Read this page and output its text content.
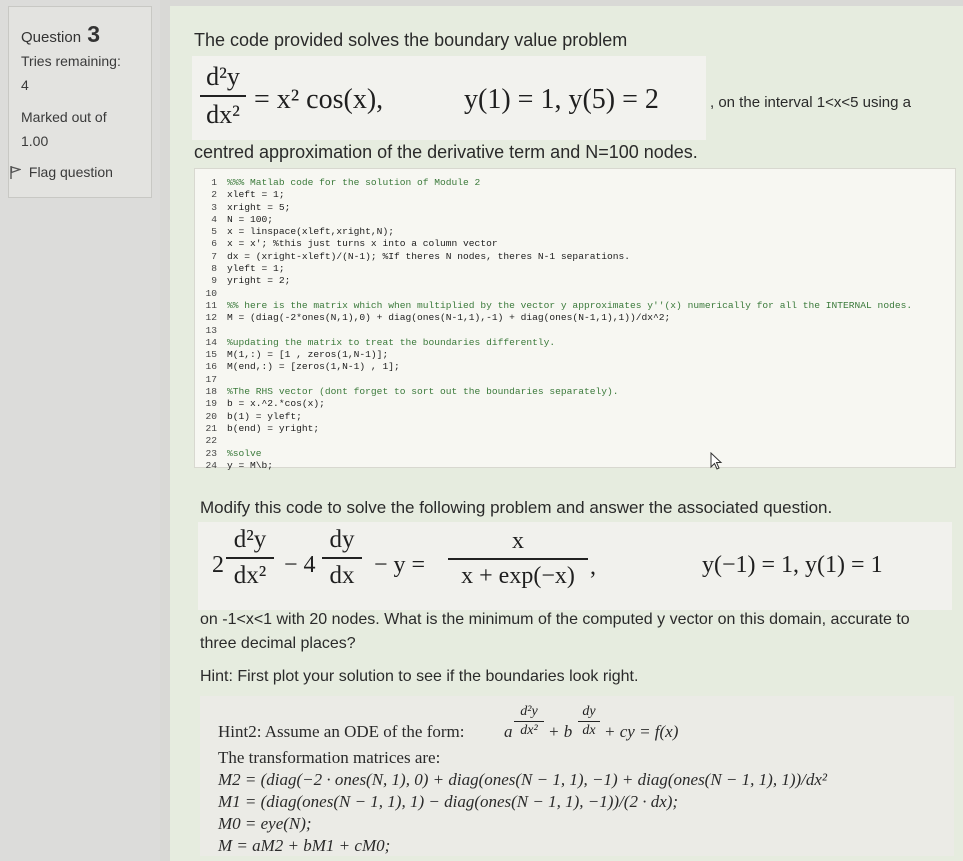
Question 3
Tries remaining:
4
Marked out of
1.00
Flag question
The code provided solves the boundary value problem
d²y
dx² = x² cos(x),	y(1) = 1, y(5) = 2	, on the interval 1<x<5 using a
centred approximation of the derivative term and N=100 nodes.
1 %%% Matlab code for the solution of Module 2
2 xleft = 1;
3 xright = 5;
4 N = 100;
5 x = linspace(xleft,xright,N);
6 x = x'; %this just turns x into a column vector
7 dx = (xright-xleft)/(N-1); %If theres N nodes, theres N-1 separations.
8 yleft = 1;
9 yright = 2;
10
11 %% here is the matrix which when multiplied by the vector y approximates y''(x) numerically for all the INTERNAL nodes.
12 M = (diag(-2*ones(N,1),0) + diag(ones(N-1,1),-1) + diag(ones(N-1,1),1))/dx^2;
13
14 %updating the matrix to treat the boundaries differently.
15 M(1,:) = [1 , zeros(1,N-1)];
16 M(end,:) = [zeros(1,N-1) , 1];
17
18 %The RHS vector (dont forget to sort out the boundaries separately).
19 b = x.^2.*cos(x);
20 b(1) = yleft;
21 b(end) = yright;
22
23 %solve
24 y = M\b;
Modify this code to solve the following problem and answer the associated question.
2
d²y
dx² − 4
dy
dx − y =
x
x + exp(−x) ,	y(−1) = 1, y(1) = 1
on -1<x<1 with 20 nodes. What is the minimum of the computed y vector on this domain, accurate to three decimal places?
Hint: First plot your solution to see if the boundaries look right.
Hint2: Assume an ODE of the form: a
d²y
dx² + b
dy
dx + cy = f(x)
The transformation matrices are:
M2 = (diag(−2 · ones(N, 1), 0) + diag(ones(N − 1, 1), −1) + diag(ones(N − 1, 1), 1))/dx²
M1 = (diag(ones(N − 1, 1), 1) − diag(ones(N − 1, 1), −1))/(2 · dx);
M0 = eye(N);
M = aM2 + bM1 + cM0;
